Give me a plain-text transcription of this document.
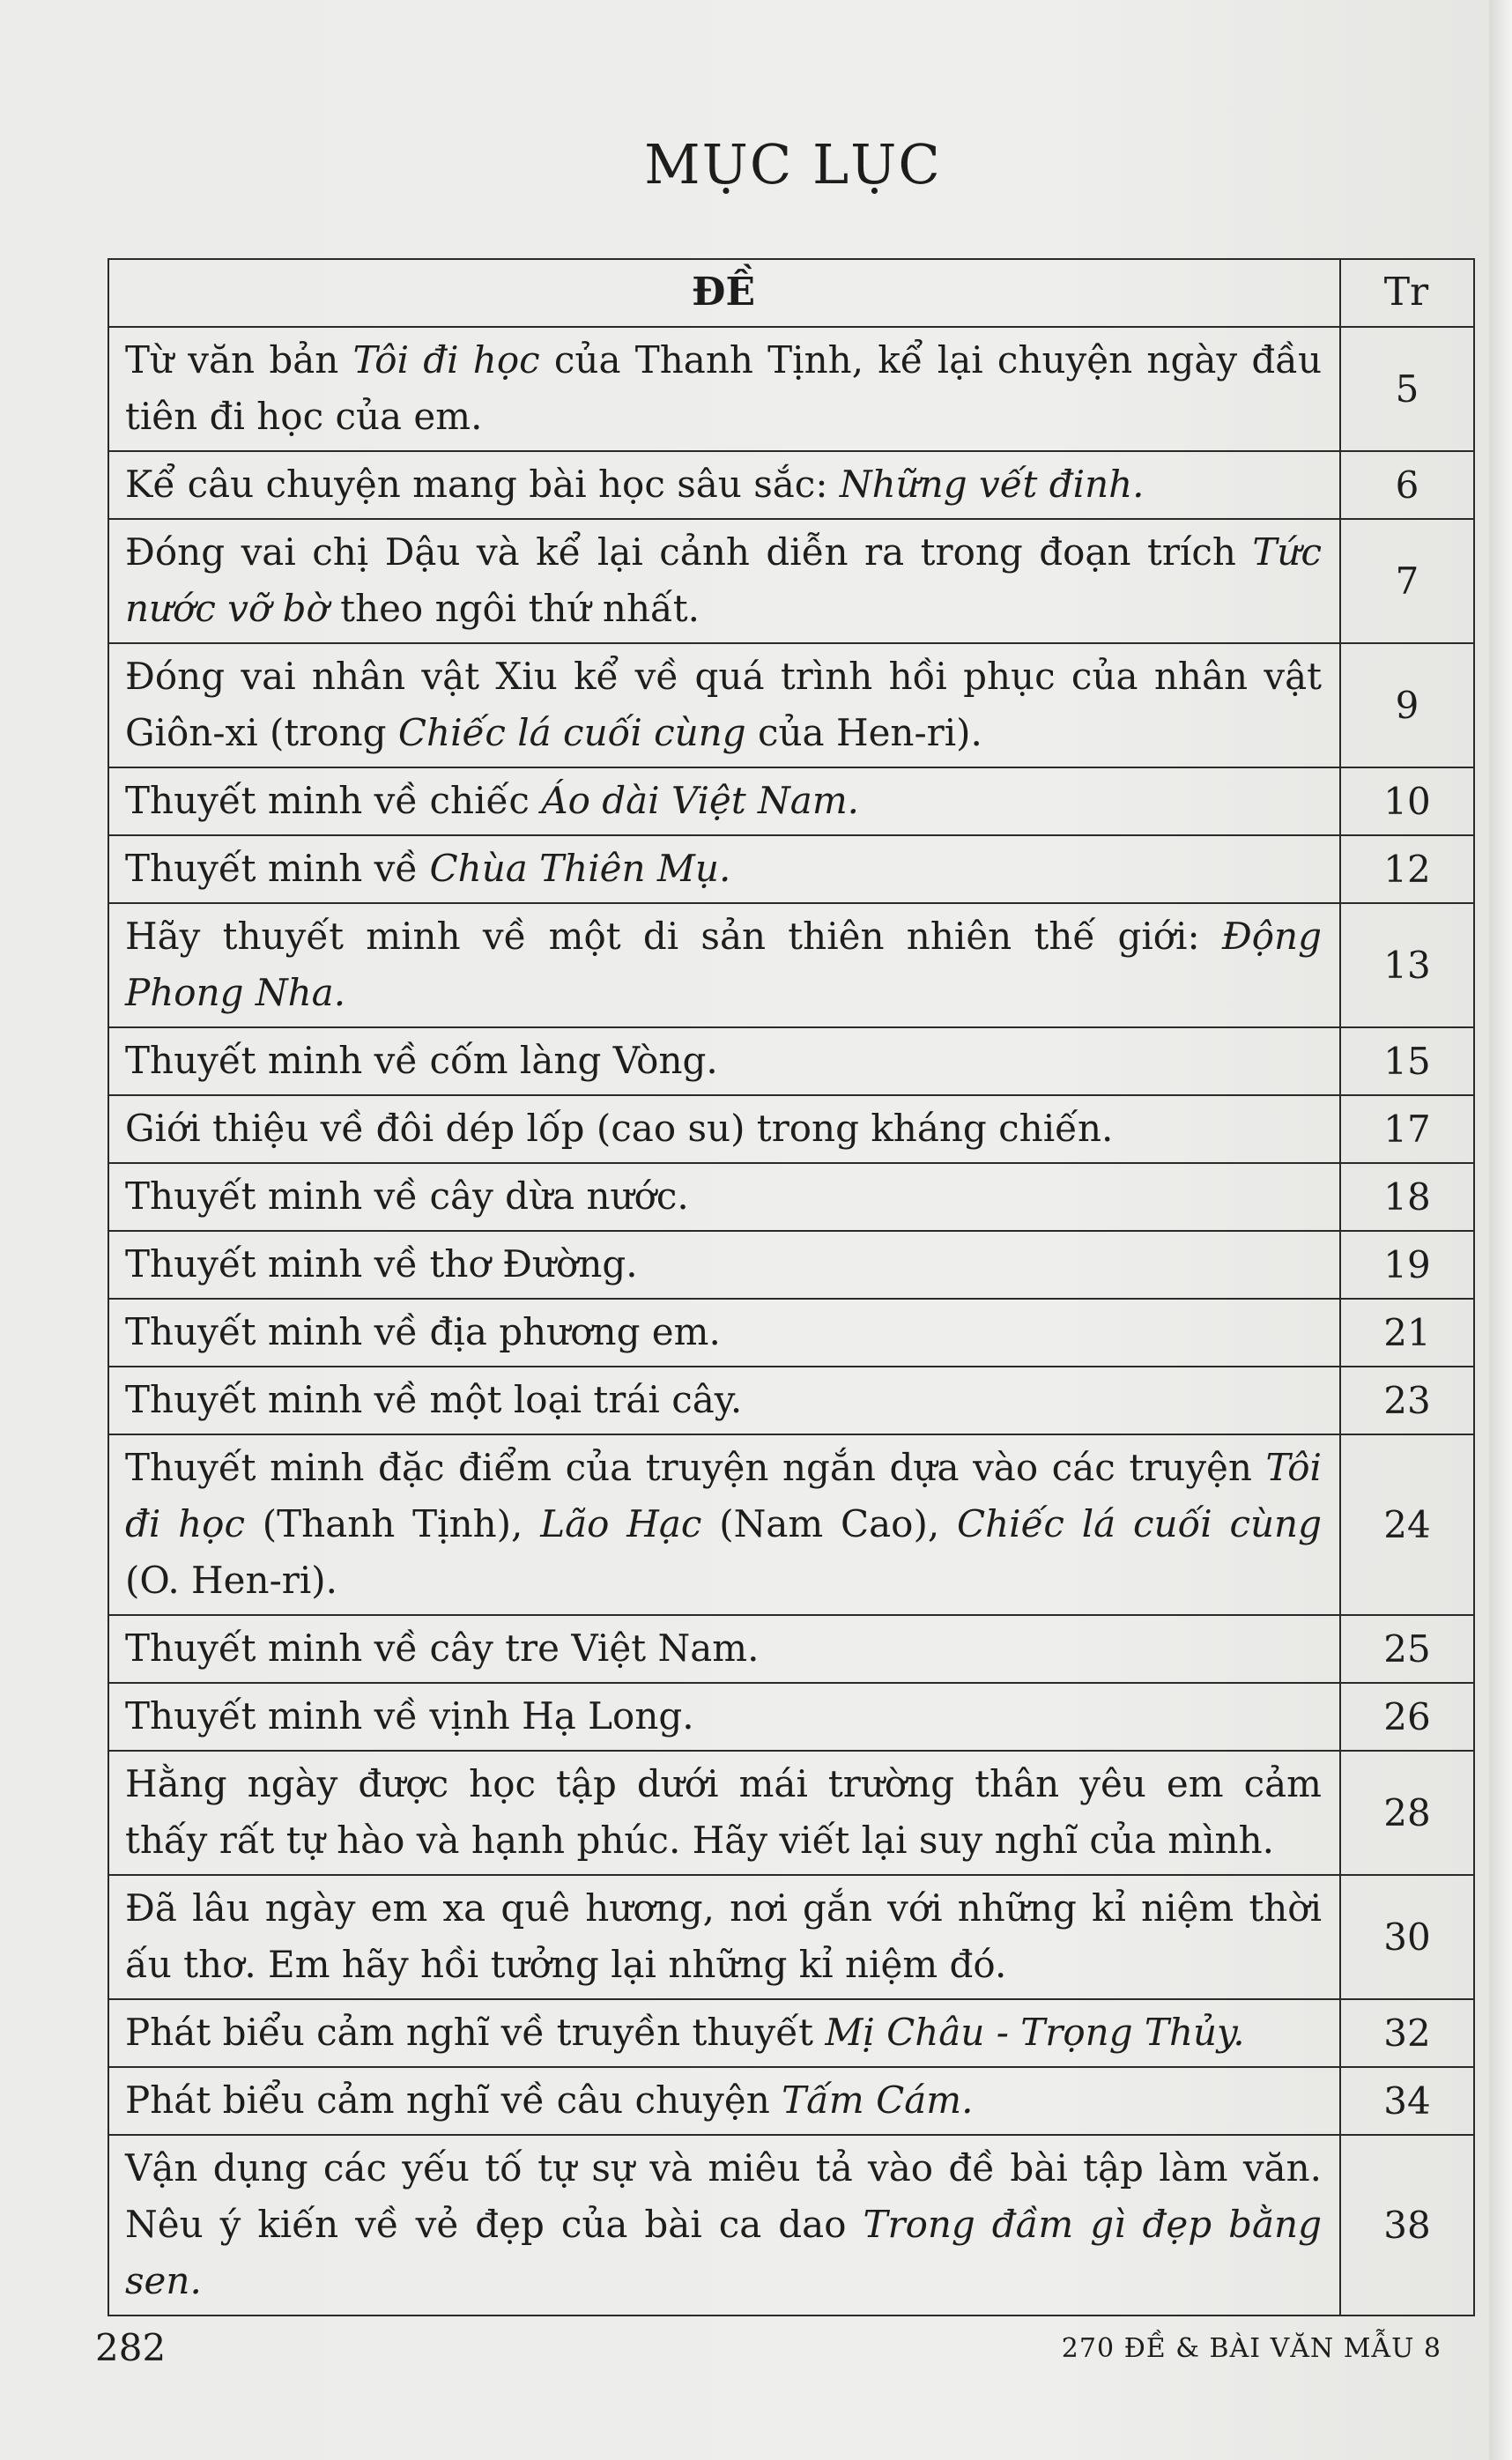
MỤC LỤC
ĐỀ	Tr
Từ văn bản Tôi đi học của Thanh Tịnh, kể lại chuyện ngày đầu tiên đi học của em.	5
Kể câu chuyện mang bài học sâu sắc: Những vết đinh.	6
Đóng vai chị Dậu và kể lại cảnh diễn ra trong đoạn trích Tức nước vỡ bờ theo ngôi thứ nhất.	7
Đóng vai nhân vật Xiu kể về quá trình hồi phục của nhân vật Giôn-xi (trong Chiếc lá cuối cùng của Hen-ri).	9
Thuyết minh về chiếc Áo dài Việt Nam.	10
Thuyết minh về Chùa Thiên Mụ.	12
Hãy thuyết minh về một di sản thiên nhiên thế giới: Động Phong Nha.	13
Thuyết minh về cốm làng Vòng.	15
Giới thiệu về đôi dép lốp (cao su) trong kháng chiến.	17
Thuyết minh về cây dừa nước.	18
Thuyết minh về thơ Đường.	19
Thuyết minh về địa phương em.	21
Thuyết minh về một loại trái cây.	23
Thuyết minh đặc điểm của truyện ngắn dựa vào các truyện Tôi đi học (Thanh Tịnh), Lão Hạc (Nam Cao), Chiếc lá cuối cùng (O. Hen-ri).	24
Thuyết minh về cây tre Việt Nam.	25
Thuyết minh về vịnh Hạ Long.	26
Hằng ngày được học tập dưới mái trường thân yêu em cảm thấy rất tự hào và hạnh phúc. Hãy viết lại suy nghĩ của mình.	28
Đã lâu ngày em xa quê hương, nơi gắn với những kỉ niệm thời ấu thơ. Em hãy hồi tưởng lại những kỉ niệm đó.	30
Phát biểu cảm nghĩ về truyền thuyết Mị Châu - Trọng Thủy.	32
Phát biểu cảm nghĩ về câu chuyện Tấm Cám.	34
Vận dụng các yếu tố tự sự và miêu tả vào đề bài tập làm văn. Nêu ý kiến về vẻ đẹp của bài ca dao Trong đầm gì đẹp bằng sen.	38
282	270 ĐỀ & BÀI VĂN MẪU 8
